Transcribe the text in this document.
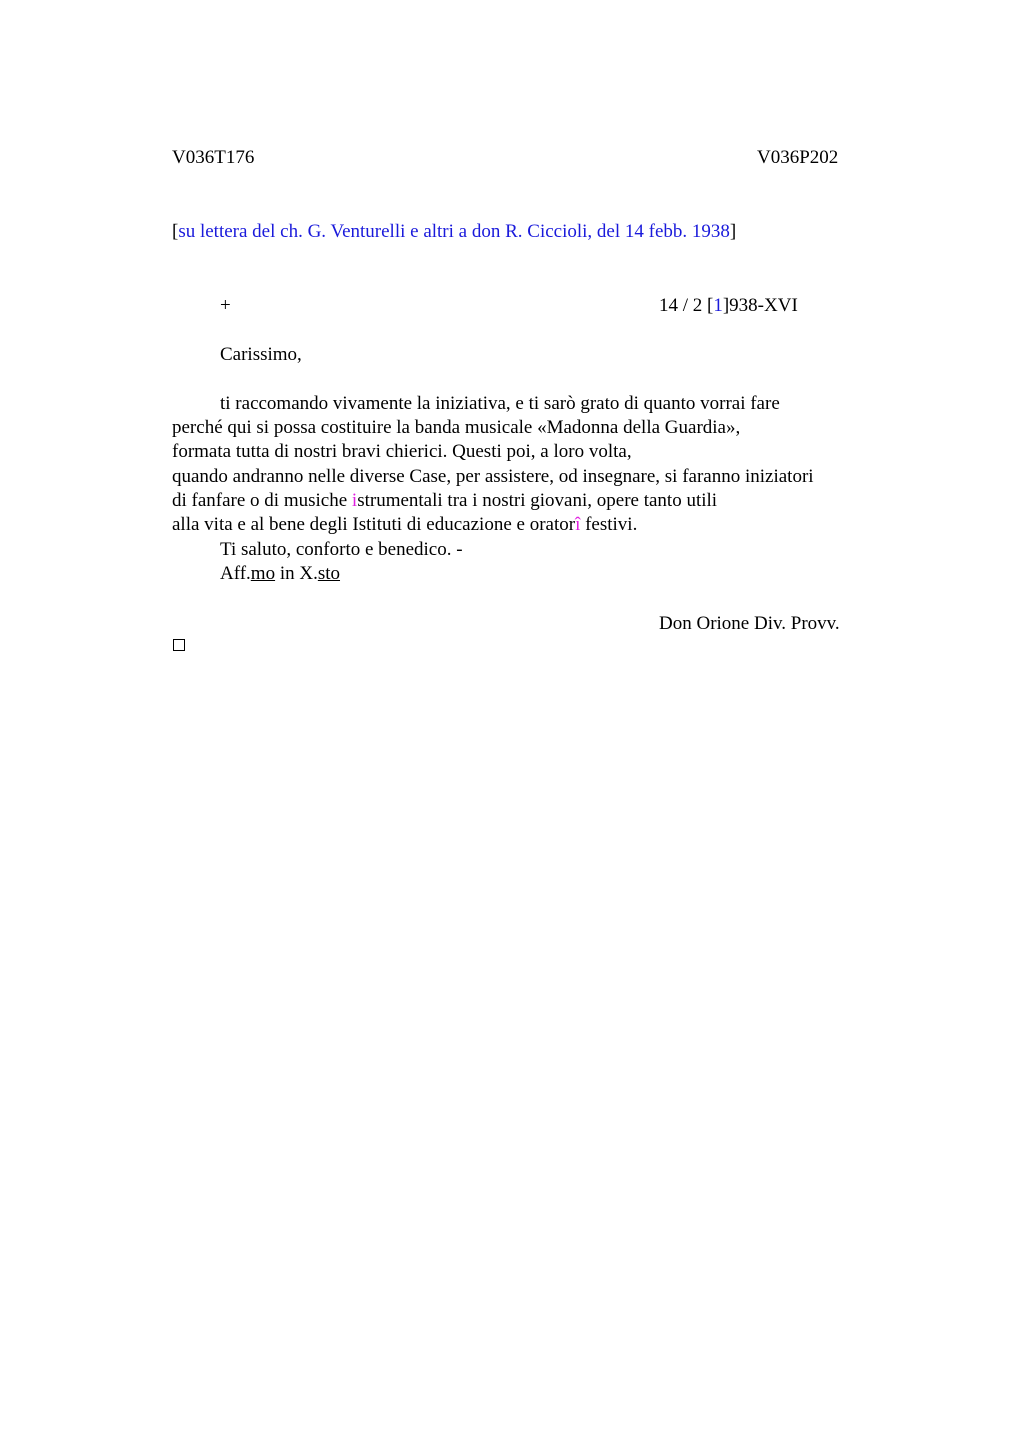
V036T176	V036P202
[su lettera del ch. G. Venturelli e altri a don R. Ciccioli, del 14 febb. 1938]
+	14 / 2 [1]938-XVI
Carissimo,
ti raccomando vivamente la iniziativa, e ti sarò grato di quanto vorrai fare
perché qui si possa costituire la banda musicale «Madonna della Guardia»,
formata tutta di nostri bravi chierici. Questi poi, a loro volta,
quando andranno nelle diverse Case, per assistere, od insegnare, si faranno iniziatori
di fanfare o di musiche istrumentali tra i nostri giovani, opere tanto utili
alla vita e al bene degli Istituti di educazione e oratorî festivi.
Ti saluto, conforto e benedico. -
Aff.mo in X.sto
Don Orione Div. Provv.
